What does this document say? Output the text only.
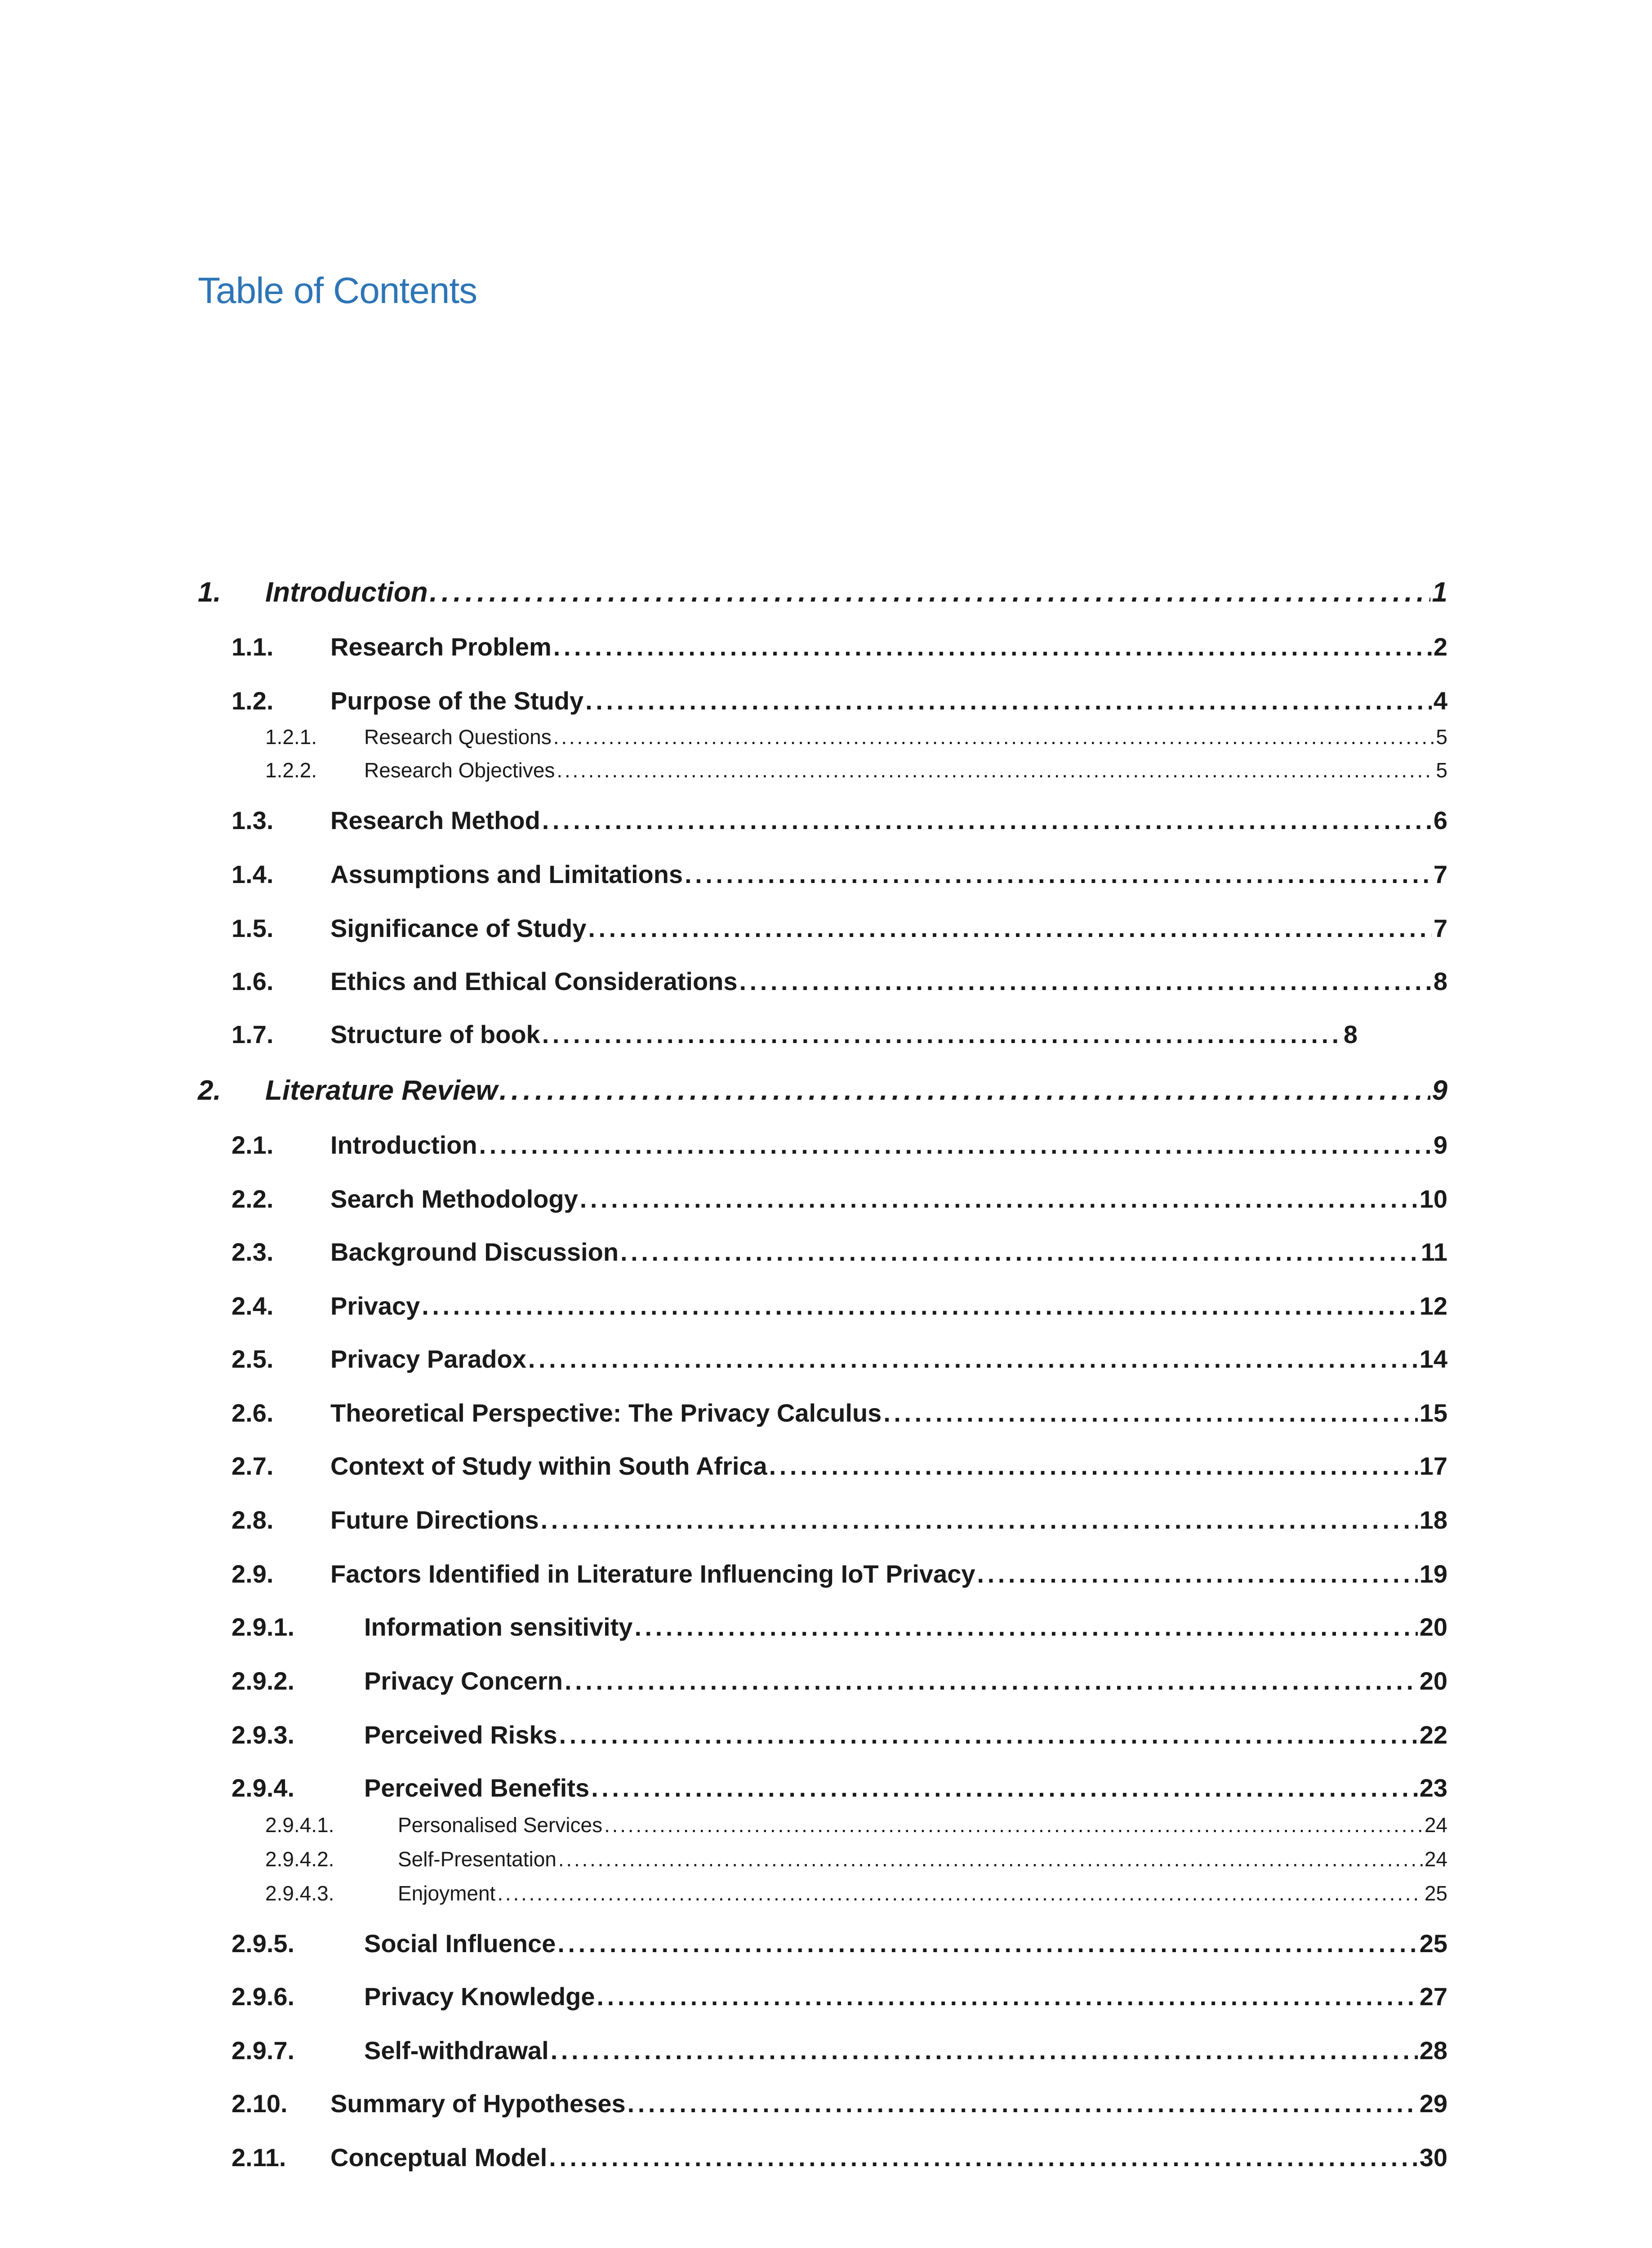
Table of Contents
1.	Introduction . . .	1
1.1.	Research Problem . . .	2
1.2.	Purpose of the Study . . .	4
1.2.1.	Research Questions . . .	5
1.2.2.	Research Objectives . . .	5
1.3.	Research Method . . .	6
1.4.	Assumptions and Limitations . . .	7
1.5.	Significance of Study . . .	7
1.6.	Ethics and Ethical Considerations . . .	8
1.7.	Structure of book . . .	8
2.	Literature Review . . .	9
2.1.	Introduction . . .	9
2.2.	Search Methodology . . .	10
2.3.	Background Discussion . . .	11
2.4.	Privacy . . .	12
2.5.	Privacy Paradox . . .	14
2.6.	Theoretical Perspective: The Privacy Calculus . . .	15
2.7.	Context of Study within South Africa . . .	17
2.8.	Future Directions . . .	18
2.9.	Factors Identified in Literature Influencing IoT Privacy . . .	19
2.9.1.	Information sensitivity . . .	20
2.9.2.	Privacy Concern . . .	20
2.9.3.	Perceived Risks . . .	22
2.9.4.	Perceived Benefits . . .	23
2.9.4.1.	Personalised Services . . .	24
2.9.4.2.	Self-Presentation . . .	24
2.9.4.3.	Enjoyment . . .	25
2.9.5.	Social Influence . . .	25
2.9.6.	Privacy Knowledge . . .	27
2.9.7.	Self-withdrawal . . .	28
2.10.	Summary of Hypotheses . . .	29
2.11.	Conceptual Model . . .	30
